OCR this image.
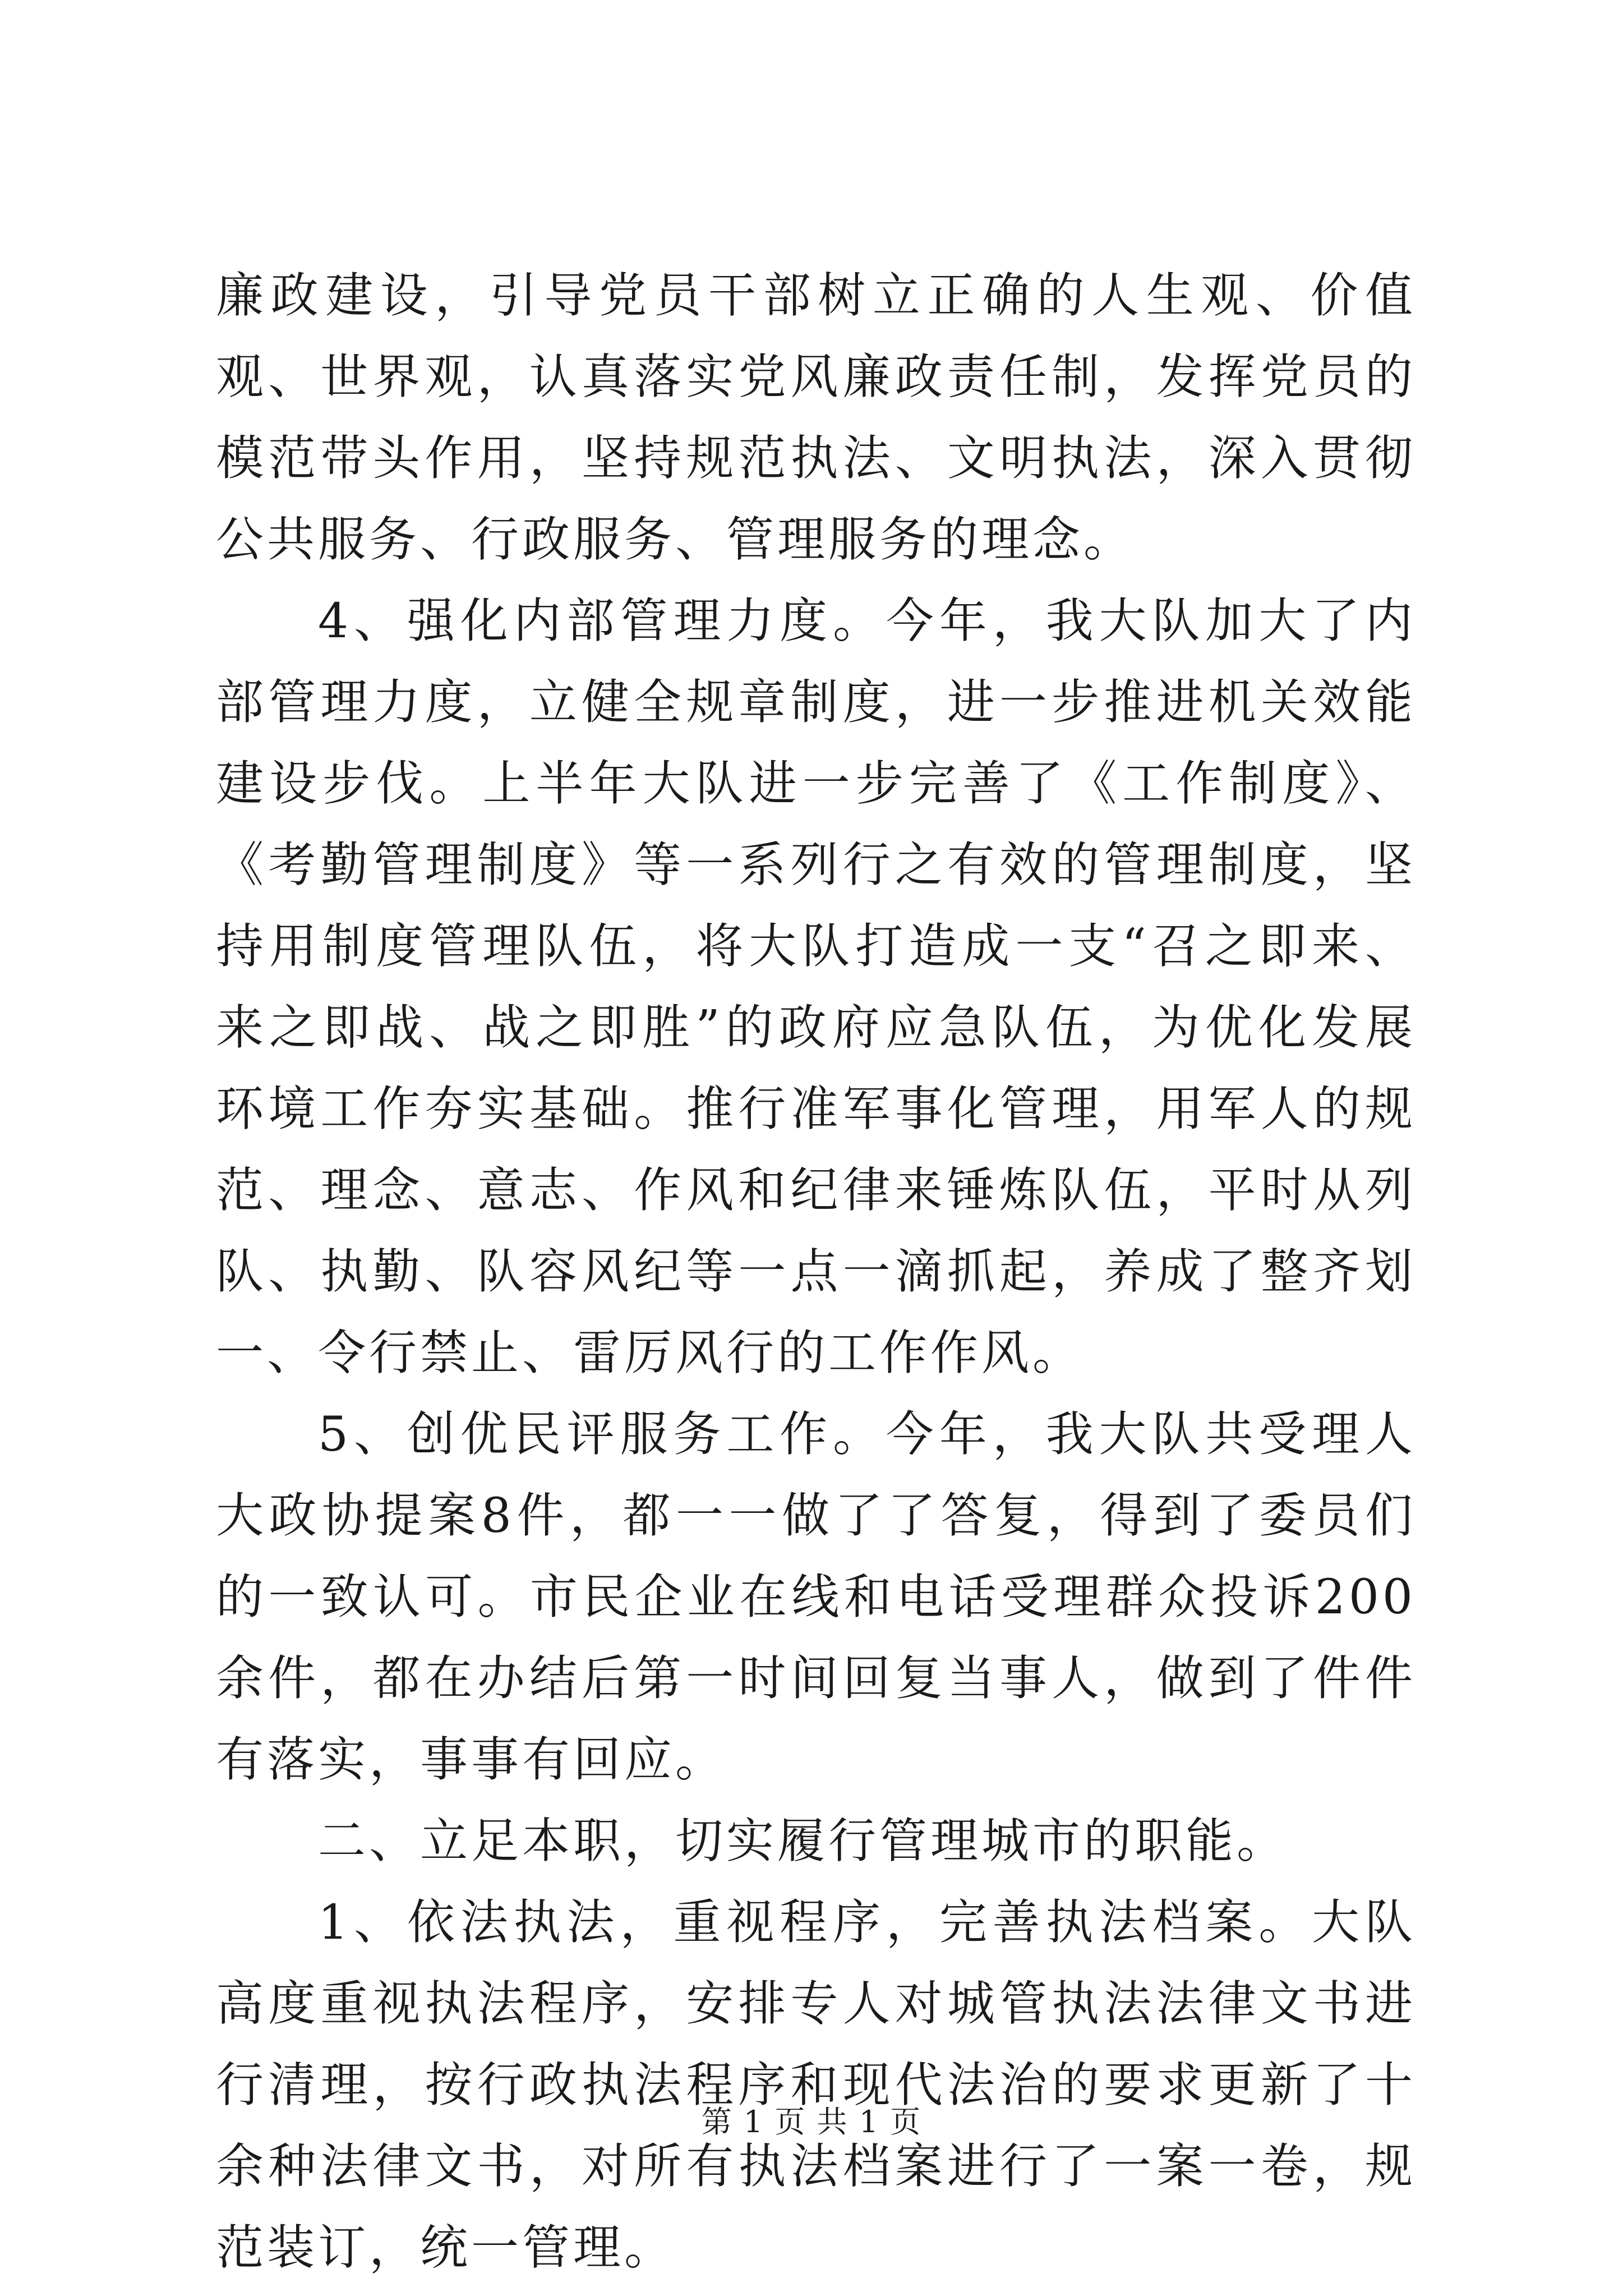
廉政建设，引导党员干部树立正确的人生观、价值观、世界观，认真落实党风廉政责任制，发挥党员的模范带头作用，坚持规范执法、文明执法，深入贯彻公共服务、行政服务、管理服务的理念。

4、强化内部管理力度。今年，我大队加大了内部管理力度，立健全规章制度，进一步推进机关效能建设步伐。上半年大队进一步完善了《工作制度》、《考勤管理制度》等一系列行之有效的管理制度，坚持用制度管理队伍，将大队打造成一支“召之即来、来之即战、战之即胜”的政府应急队伍，为优化发展环境工作夯实基础。推行准军事化管理，用军人的规范、理念、意志、作风和纪律来锤炼队伍，平时从列队、执勤、队容风纪等一点一滴抓起，养成了整齐划一、令行禁止、雷厉风行的工作作风。

5、创优民评服务工作。今年，我大队共受理人大政协提案8件，都一一做了了答复，得到了委员们的一致认可。市民企业在线和电话受理群众投诉200余件，都在办结后第一时间回复当事人，做到了件件有落实，事事有回应。

二、立足本职，切实履行管理城市的职能。

1、依法执法，重视程序，完善执法档案。大队高度重视执法程序，安排专人对城管执法法律文书进行清理，按行政执法程序和现代法治的要求更新了十余种法律文书，对所有执法档案进行了一案一卷，规范装订，统一管理。

第 1 页 共 1 页
